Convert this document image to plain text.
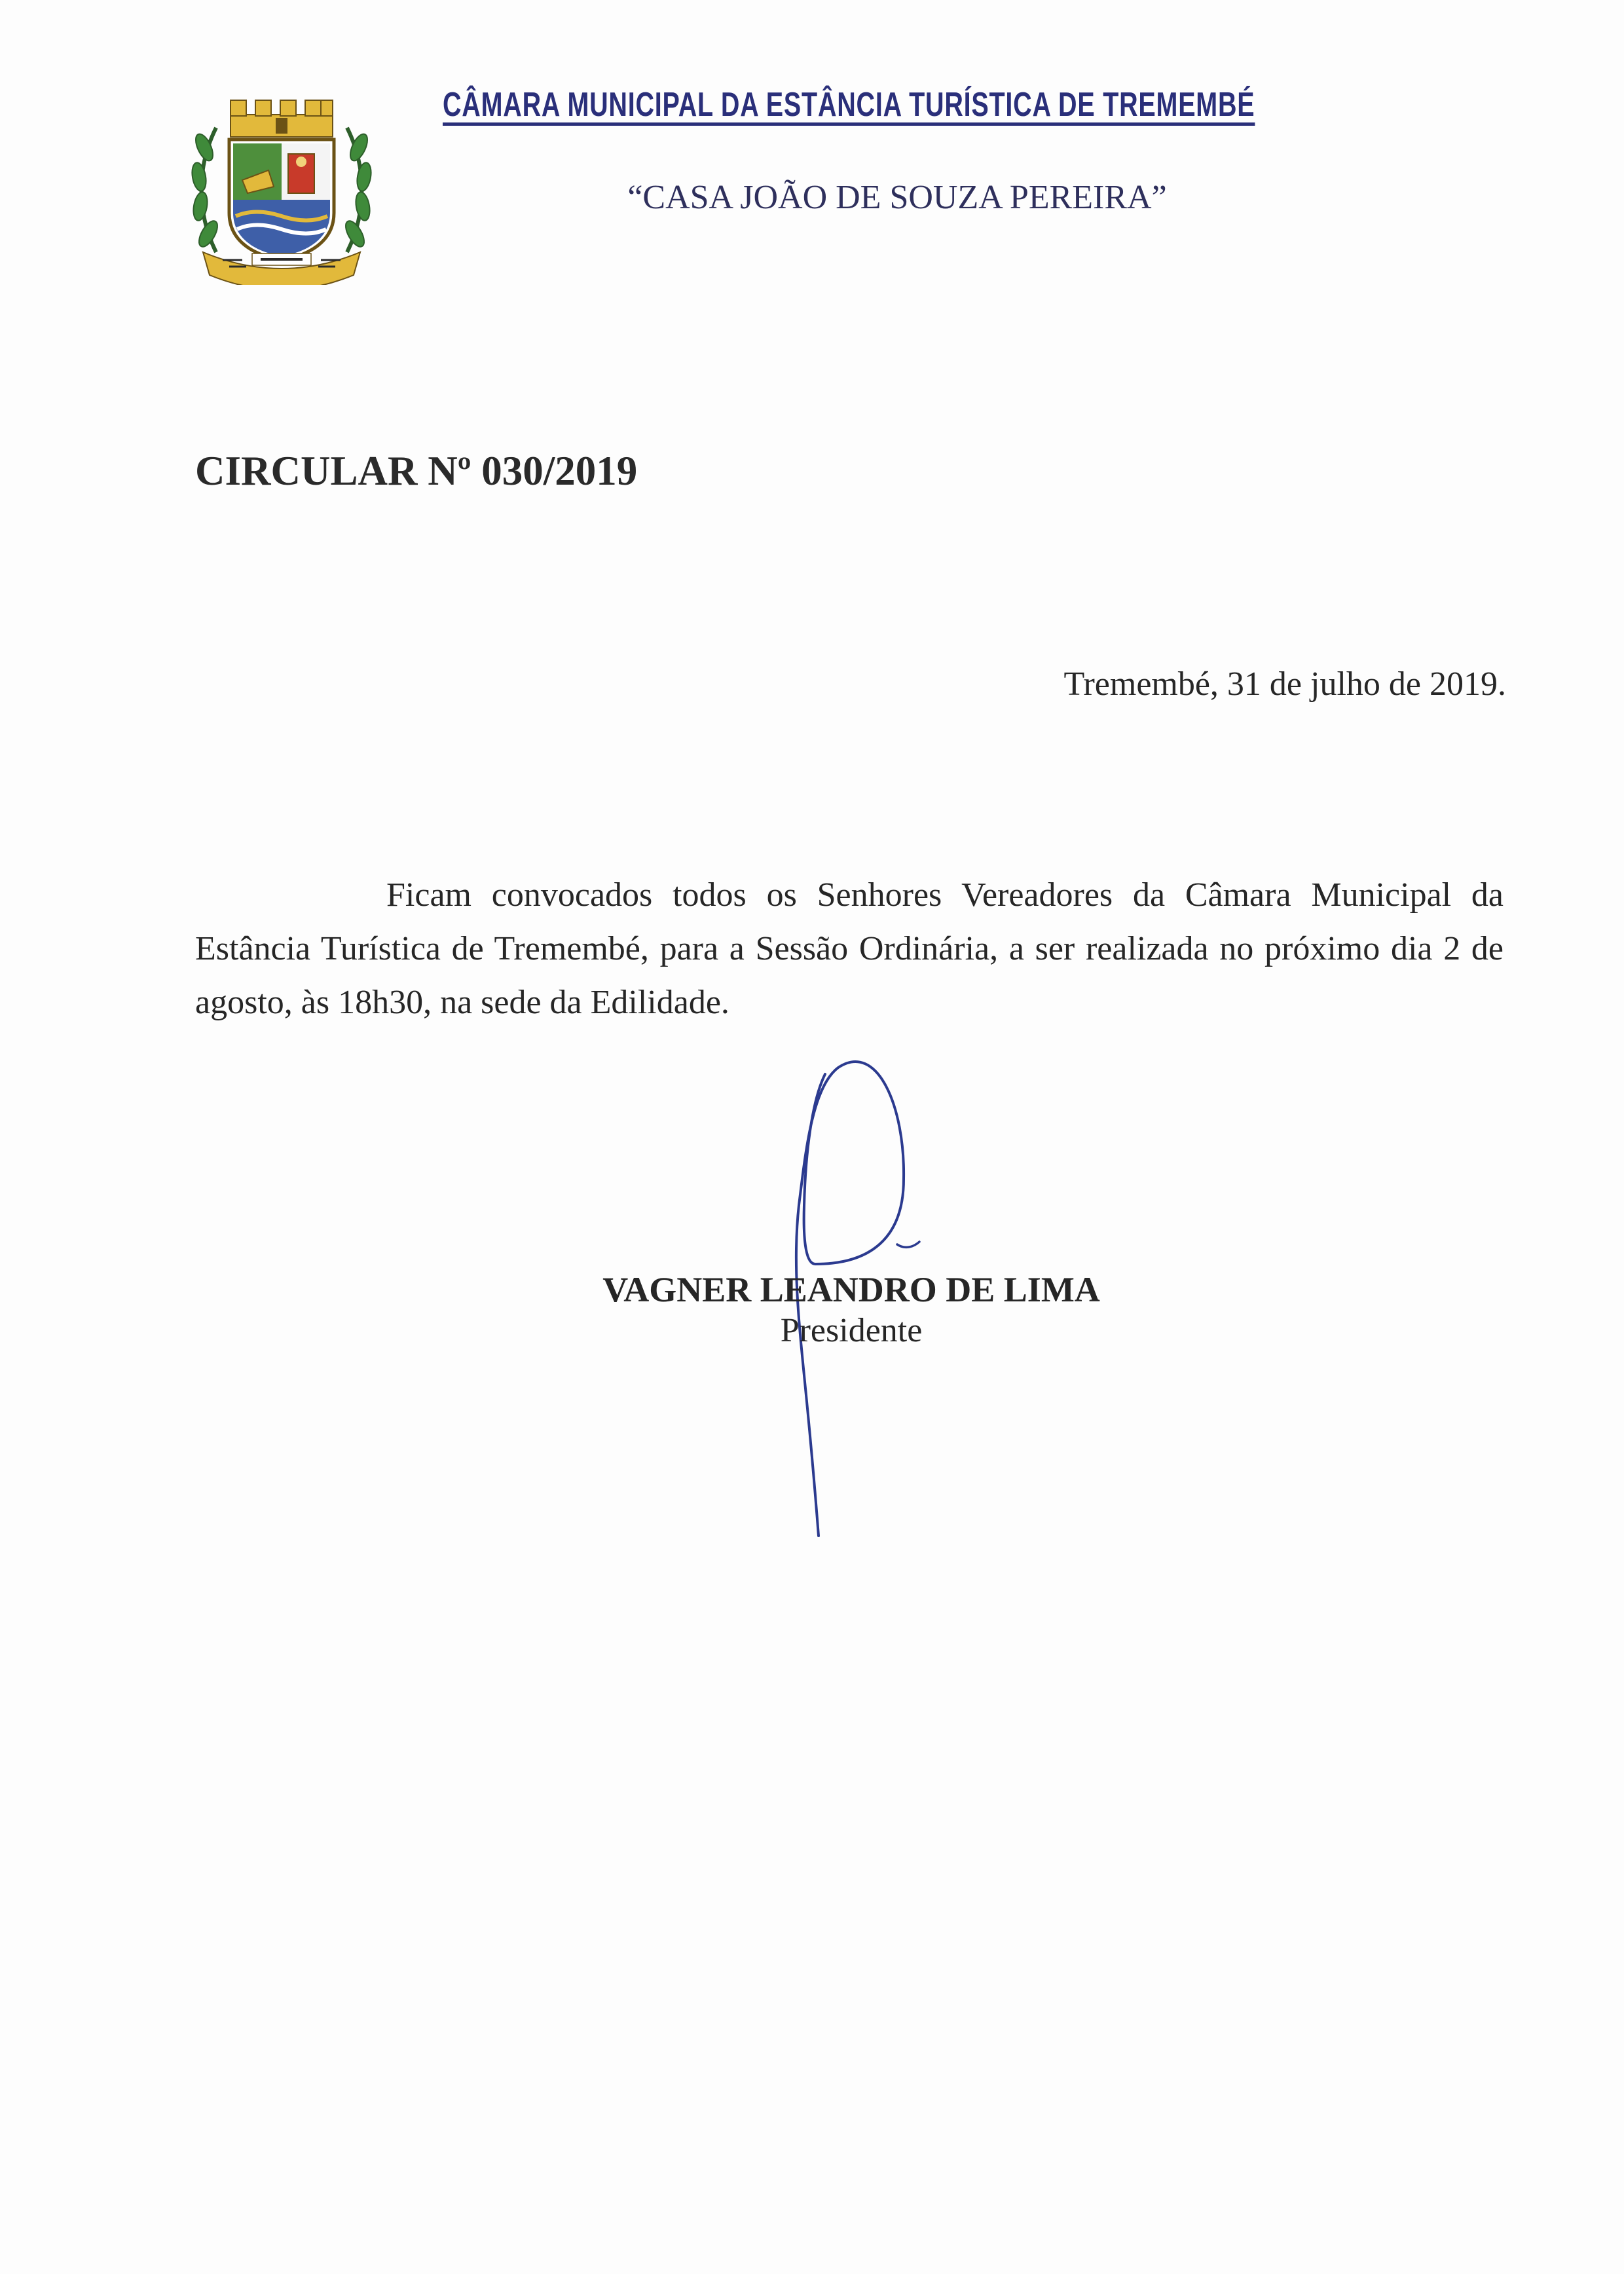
CÂMARA MUNICIPAL DA ESTÂNCIA TURÍSTICA DE TREMEMBÉ
“CASA JOÃO DE SOUZA PEREIRA”
CIRCULAR Nº 030/2019
Tremembé, 31 de julho de 2019.
Ficam convocados todos os Senhores Vereadores da Câmara Municipal da Estância Turística de Tremembé, para a Sessão Ordinária, a ser realizada no próximo dia 2 de agosto, às 18h30, na sede da Edilidade.
VAGNER LEANDRO DE LIMA
Presidente
